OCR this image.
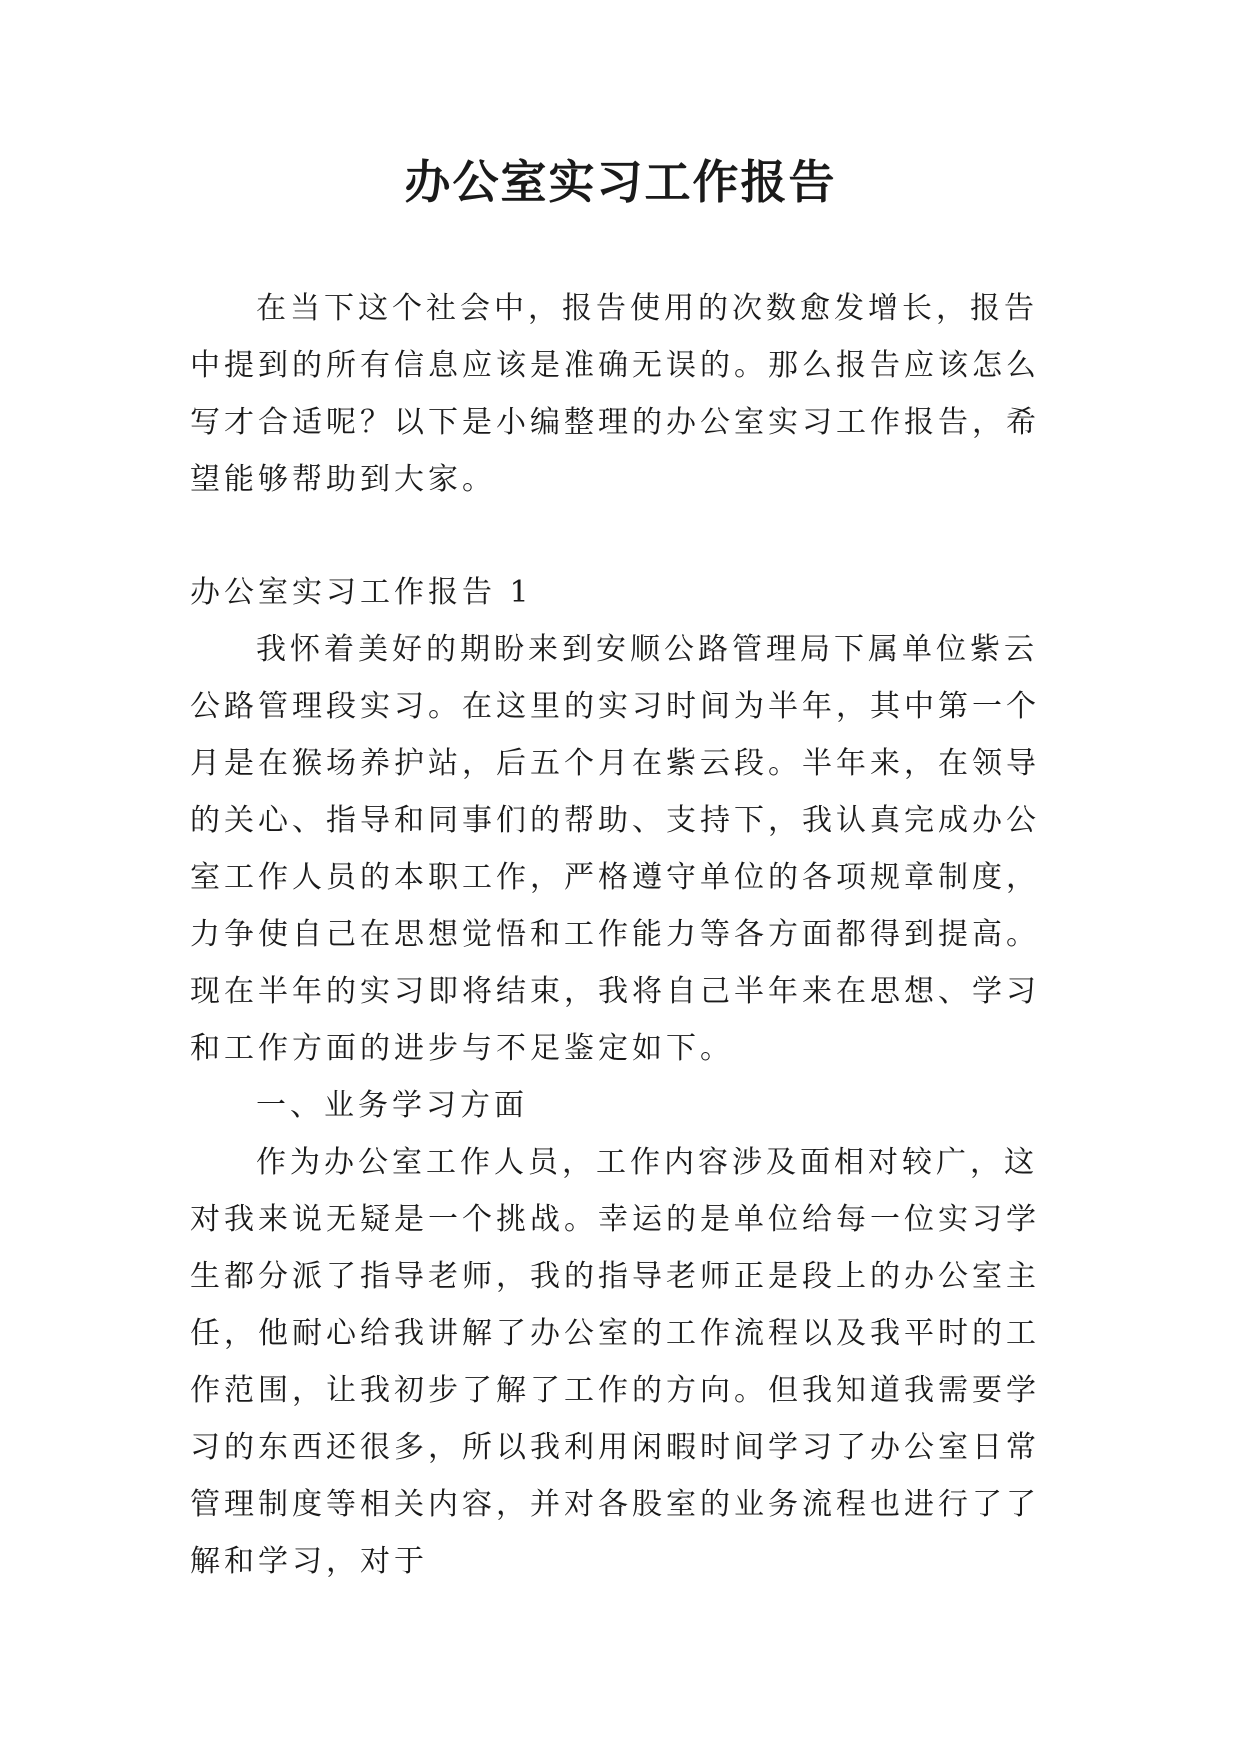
办公室实习工作报告

在当下这个社会中，报告使用的次数愈发增长，报告中提到的所有信息应该是准确无误的。那么报告应该怎么写才合适呢？以下是小编整理的办公室实习工作报告，希望能够帮助到大家。

办公室实习工作报告 1

我怀着美好的期盼来到安顺公路管理局下属单位紫云公路管理段实习。在这里的实习时间为半年，其中第一个月是在猴场养护站，后五个月在紫云段。半年来，在领导的关心、指导和同事们的帮助、支持下，我认真完成办公室工作人员的本职工作，严格遵守单位的各项规章制度，力争使自己在思想觉悟和工作能力等各方面都得到提高。现在半年的实习即将结束，我将自己半年来在思想、学习和工作方面的进步与不足鉴定如下。

一、业务学习方面

作为办公室工作人员，工作内容涉及面相对较广，这对我来说无疑是一个挑战。幸运的是单位给每一位实习学生都分派了指导老师，我的指导老师正是段上的办公室主任，他耐心给我讲解了办公室的工作流程以及我平时的工作范围，让我初步了解了工作的方向。但我知道我需要学习的东西还很多，所以我利用闲暇时间学习了办公室日常管理制度等相关内容，并对各股室的业务流程也进行了了解和学习，对于
